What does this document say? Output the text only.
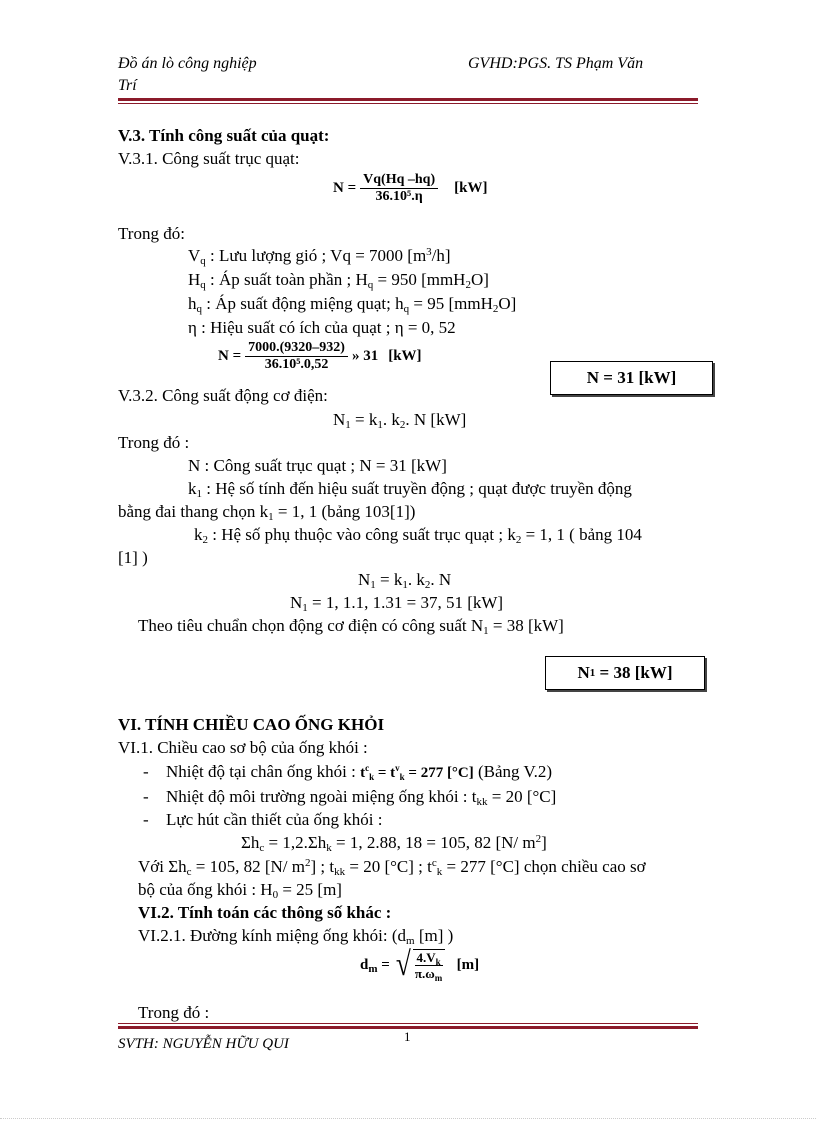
Đồ án lò công nghiệp
Trí
GVHD:PGS. TS Phạm Văn
V.3. Tính công suất của quạt:
V.3.1. Công suất trục quạt:
$N = \frac{Vq(Hq -hq)}{\text{36.10⁵.η}} [kW]$
Trong đó:
$V_q$ : Lưu lượng gió ; Vq = 7000 $[m^3/h]$
$H_q$ : Áp suất toàn phần ; $H_q = 950$ [mmH$_2$O]
$h_q$ : Áp suất động miệng quạt; $h_q = 95$ [mmH$_2$O]
η : Hiệu suất có ích của quạt ; η = 0, 52
$N = \frac{7000.(9320-932)}{\text{36.10⁵.0,52}}$ » 31 [kW]
N = 31 [kW]
V.3.2. Công suất động cơ điện:
$N_1 = k_1$. $k_2$. N [kW]
Trong đó :
N : Công suất trục quạt ; N = 31 [kW]
$k_1$ : Hệ số tính đến hiệu suất truyền động ; quạt được truyền động
bằng đai thang chọn $k_1 = 1$, 1 (bảng 103[1])
$k_2$ : Hệ số phụ thuộc vào công suất trục quạt ; $k_2 = 1$, 1 ( bảng 104
[1] )
$N_1 = k_1$. $k_2$. N
$N_1 = 1$, 1.1, 1.31 = 37, 51 [kW]
Theo tiêu chuẩn chọn động cơ điện có công suất $N_1 = 38$ [kW]
N 1
= 38 [kW]
VI. TÍNH CHIỀU CAO ỐNG KHỎI
VI.1. Chiều cao sơ bộ của ống khói :
- Nhiệt độ tại chân ống khói : $t^c_k = t^v_k = 277$ [°C] (Bảng V.2)
- Nhiệt độ môi trường ngoài miệng ống khói : $t_{kk} = 20$ [°C]
- Lực hút cần thiết của ống khói :
$\Sigma h_c = 1,2.\Sigma h_k = 1$, 2.88, 18 = 105, 82 [N/ $m^2$]
Với $\Sigma h_c = 105$, 82 [N/ $m^2$] ; $t_{kk} = 20$ [°C] ; $t^c_k = 277$ [°C] chọn chiều cao sơ
bộ của ống khói : $H_0 = 25$ [m]
VI.2. Tính toán các thông số khác :
VI.2.1. Đường kính miệng ống khói: ($d_m$ [m] )
$d_m$ = √ $4.V_k$
$\pi.\omega_m$
[m]
Trong đó :
SVTH: NGUYỄN HỮU QUI	1
